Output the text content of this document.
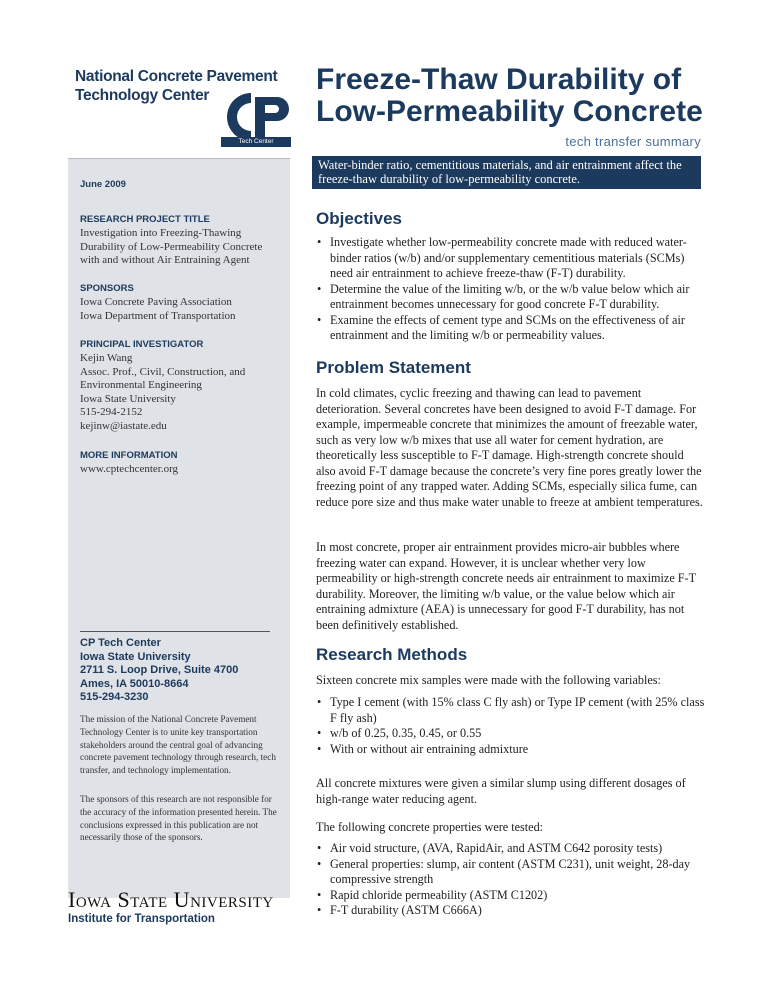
National Concrete Pavement
Technology Center
Tech Center
June 2009
RESEARCH PROJECT TITLE
Investigation into Freezing-Thawing Durability of Low-Permeability Concrete with and without Air Entraining Agent
SPONSORS
Iowa Concrete Paving Association
Iowa Department of Transportation
PRINCIPAL INVESTIGATOR
Kejin Wang
Assoc. Prof., Civil, Construction, and Environmental Engineering
Iowa State University
515-294-2152
kejinw@iastate.edu
MORE INFORMATION
www.cptechcenter.org
CP Tech Center
Iowa State University
2711 S. Loop Drive, Suite 4700
Ames, IA 50010-8664
515-294-3230
The mission of the National Concrete Pavement Technology Center is to unite key transportation stakeholders around the central goal of advancing concrete pavement technology through research, tech transfer, and technology implementation.
The sponsors of this research are not responsible for the accuracy of the information presented herein. The conclusions expressed in this publication are not necessarily those of the sponsors.
Iowa State University
Institute for Transportation
Freeze-Thaw Durability of
Low-Permeability Concrete
tech transfer summary
Water-binder ratio, cementitious materials, and air entrainment affect the freeze-thaw durability of low-permeability concrete.
Objectives
• Investigate whether low-permeability concrete made with reduced water-binder ratios (w/b) and/or supplementary cementitious materials (SCMs) need air entrainment to achieve freeze-thaw (F-T) durability.
• Determine the value of the limiting w/b, or the w/b value below which air entrainment becomes unnecessary for good concrete F-T durability.
• Examine the effects of cement type and SCMs on the effectiveness of air entrainment and the limiting w/b or permeability values.
Problem Statement
In cold climates, cyclic freezing and thawing can lead to pavement deterioration. Several concretes have been designed to avoid F-T damage. For example, impermeable concrete that minimizes the amount of freezable water, such as very low w/b mixes that use all water for cement hydration, are theoretically less susceptible to F-T damage. High-strength concrete should also avoid F-T damage because the concrete’s very fine pores greatly lower the freezing point of any trapped water. Adding SCMs, especially silica fume, can reduce pore size and thus make water unable to freeze at ambient temperatures.
In most concrete, proper air entrainment provides micro-air bubbles where freezing water can expand. However, it is unclear whether very low permeability or high-strength concrete needs air entrainment to maximize F-T durability. Moreover, the limiting w/b value, or the value below which air entraining admixture (AEA) is unnecessary for good F-T durability, has not been definitively established.
Research Methods
Sixteen concrete mix samples were made with the following variables:
• Type I cement (with 15% class C fly ash) or Type IP cement (with 25% class F fly ash)
• w/b of 0.25, 0.35, 0.45, or 0.55
• With or without air entraining admixture
All concrete mixtures were given a similar slump using different dosages of high-range water reducing agent.
The following concrete properties were tested:
• Air void structure, (AVA, RapidAir, and ASTM C642 porosity tests)
• General properties: slump, air content (ASTM C231), unit weight, 28-day compressive strength
• Rapid chloride permeability (ASTM C1202)
• F-T durability (ASTM C666A)
